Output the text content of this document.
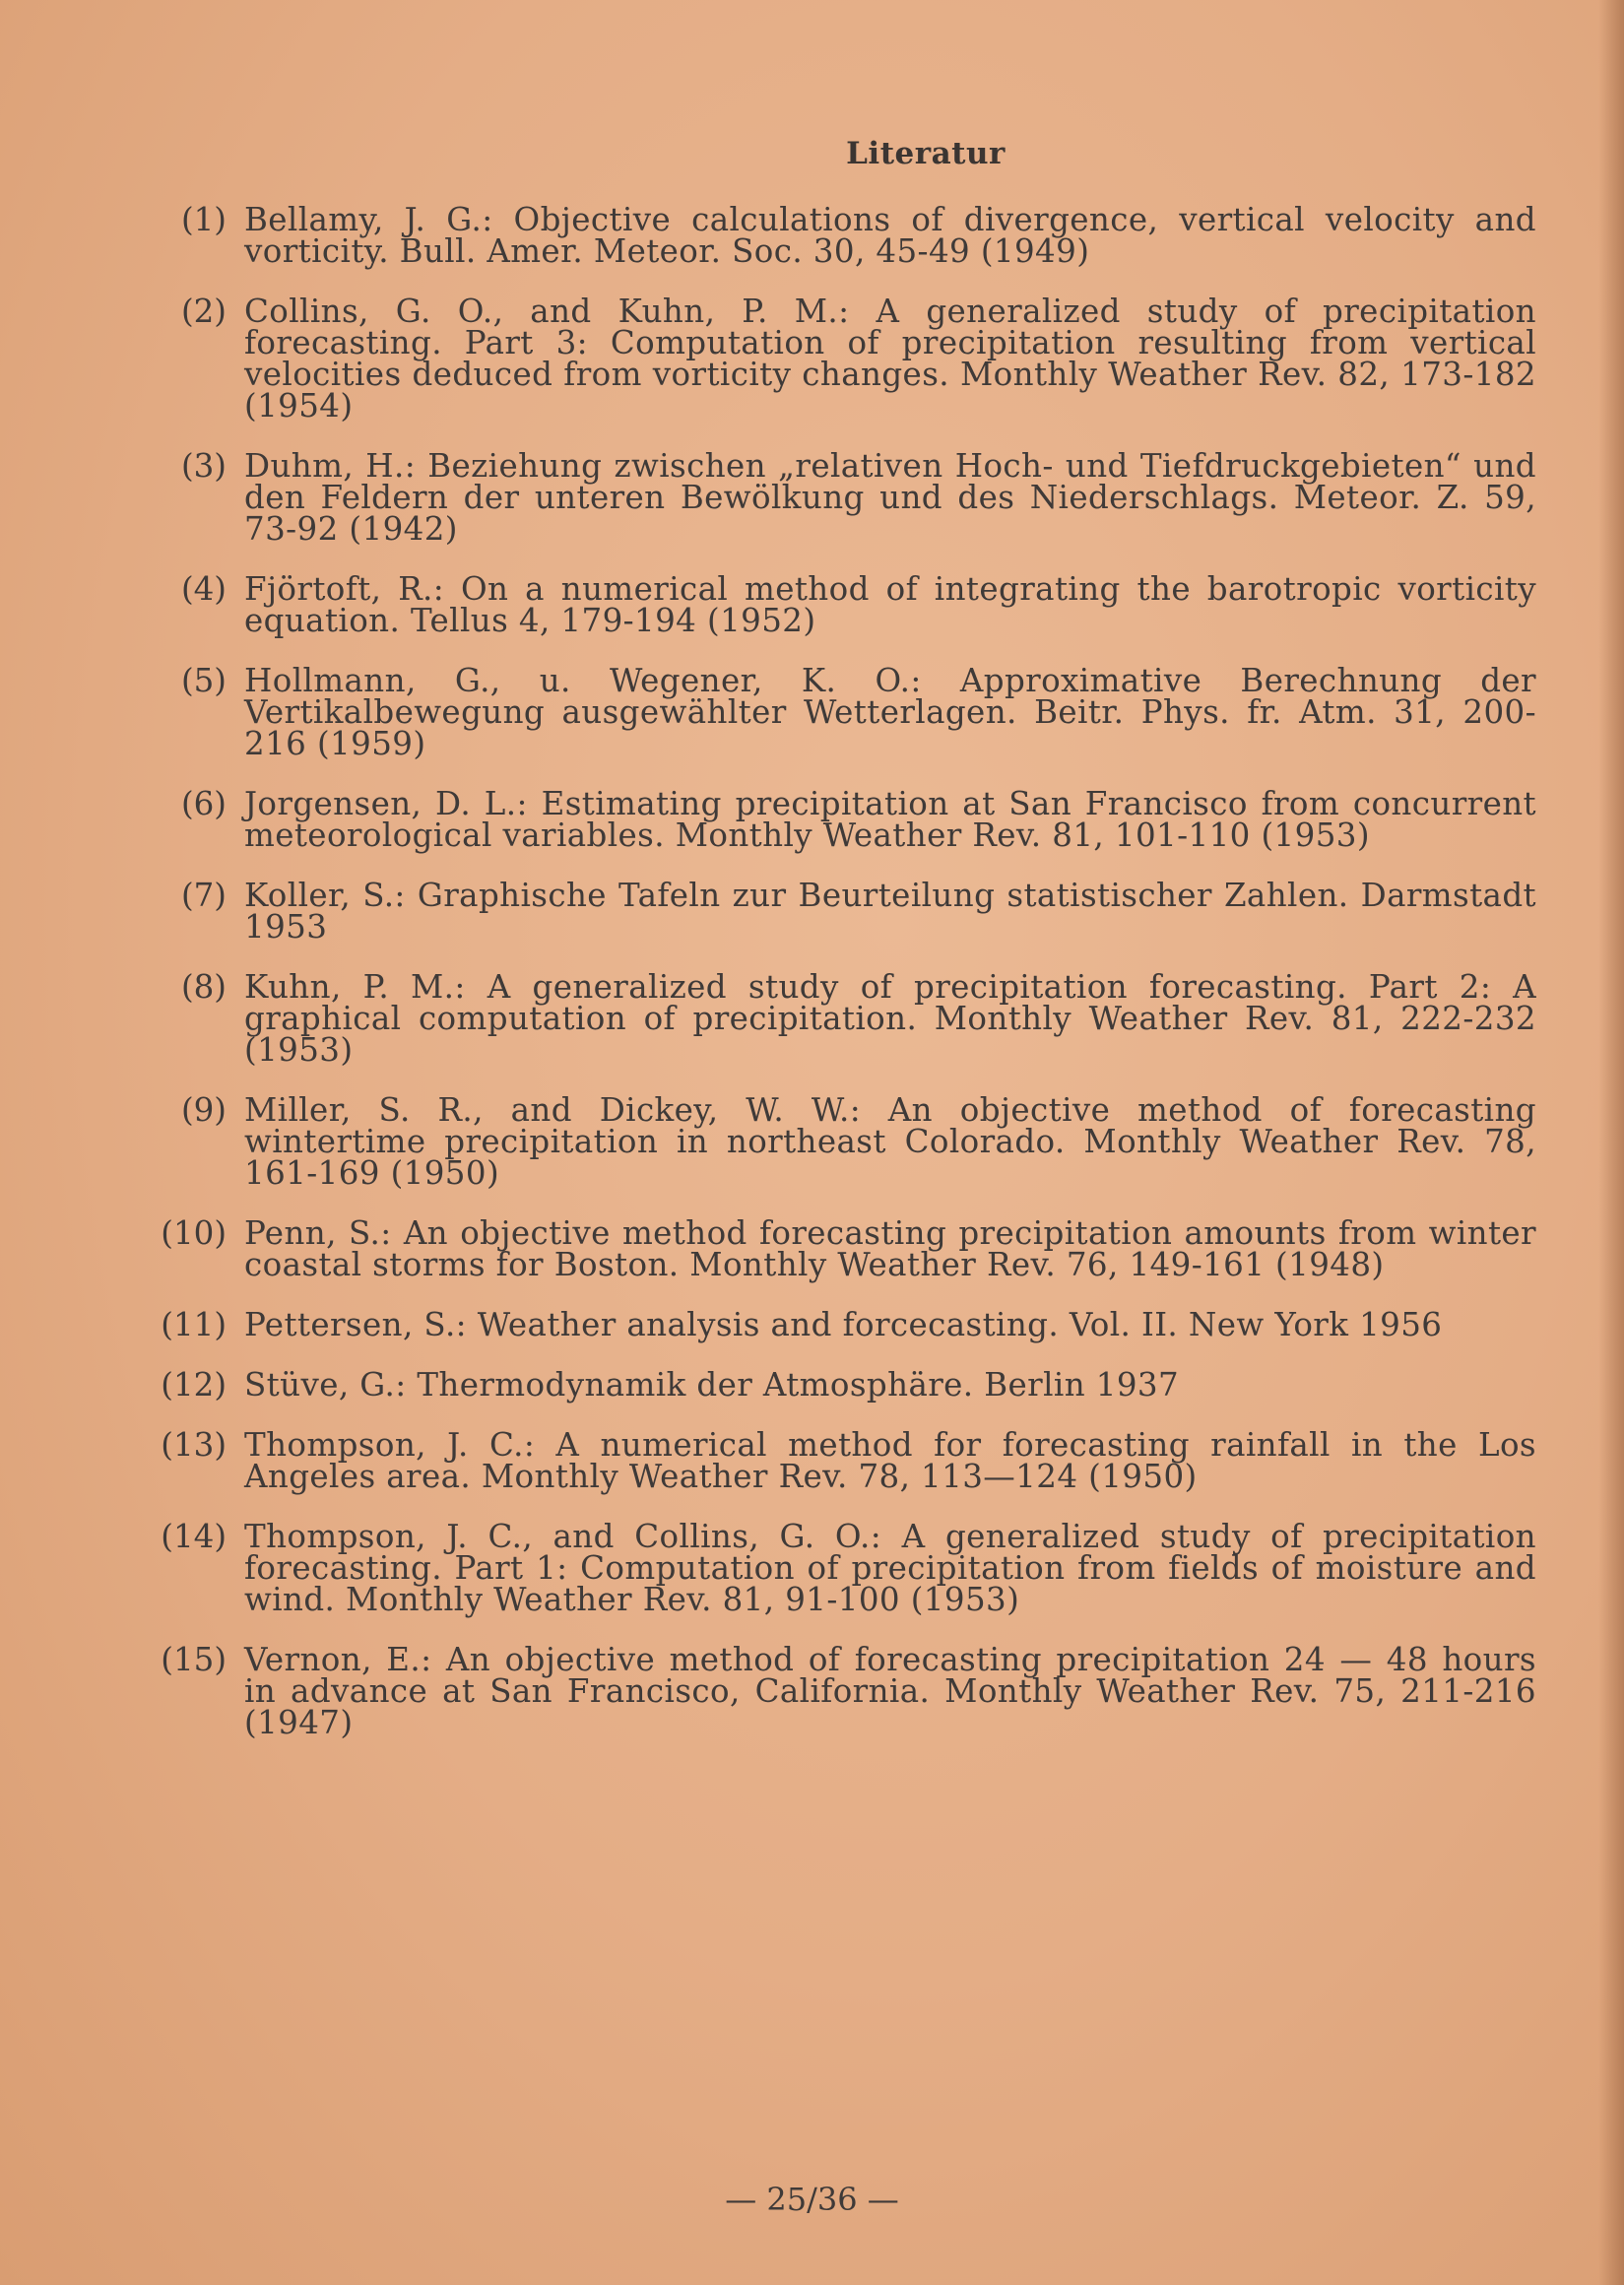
Literatur
(1) Bellamy, J. G.: Objective calculations of divergence, vertical velocity and vorticity. Bull. Amer. Meteor. Soc. 30, 45-49 (1949)
(2) Collins, G. O., and Kuhn, P. M.: A generalized study of precipitation forecasting. Part 3: Computation of precipitation resulting from vertical velocities deduced from vorticity changes. Monthly Weather Rev. 82, 173-182 (1954)
(3) Duhm, H.: Beziehung zwischen „relativen Hoch- und Tiefdruckgebieten“ und den Feldern der unteren Bewölkung und des Niederschlags. Meteor. Z. 59, 73-92 (1942)
(4) Fjörtoft, R.: On a numerical method of integrating the barotropic vorticity equation. Tellus 4, 179-194 (1952)
(5) Hollmann, G., u. Wegener, K. O.: Approximative Berechnung der Vertikalbewegung ausgewählter Wetterlagen. Beitr. Phys. fr. Atm. 31, 200-216 (1959)
(6) Jorgensen, D. L.: Estimating precipitation at San Francisco from concurrent meteorological variables. Monthly Weather Rev. 81, 101-110 (1953)
(7) Koller, S.: Graphische Tafeln zur Beurteilung statistischer Zahlen. Darmstadt 1953
(8) Kuhn, P. M.: A generalized study of precipitation forecasting. Part 2: A graphical computation of precipitation. Monthly Weather Rev. 81, 222-232 (1953)
(9) Miller, S. R., and Dickey, W. W.: An objective method of forecasting wintertime precipitation in northeast Colorado. Monthly Weather Rev. 78, 161-169 (1950)
(10) Penn, S.: An objective method forecasting precipitation amounts from winter coastal storms for Boston. Monthly Weather Rev. 76, 149-161 (1948)
(11) Pettersen, S.: Weather analysis and forcecasting. Vol. II. New York 1956
(12) Stüve, G.: Thermodynamik der Atmosphäre. Berlin 1937
(13) Thompson, J. C.: A numerical method for forecasting rainfall in the Los Angeles area. Monthly Weather Rev. 78, 113—124 (1950)
(14) Thompson, J. C., and Collins, G. O.: A generalized study of precipitation forecasting. Part 1: Computation of precipitation from fields of moisture and wind. Monthly Weather Rev. 81, 91-100 (1953)
(15) Vernon, E.: An objective method of forecasting precipitation 24 — 48 hours in advance at San Francisco, California. Monthly Weather Rev. 75, 211-216 (1947)
— 25/36 —
